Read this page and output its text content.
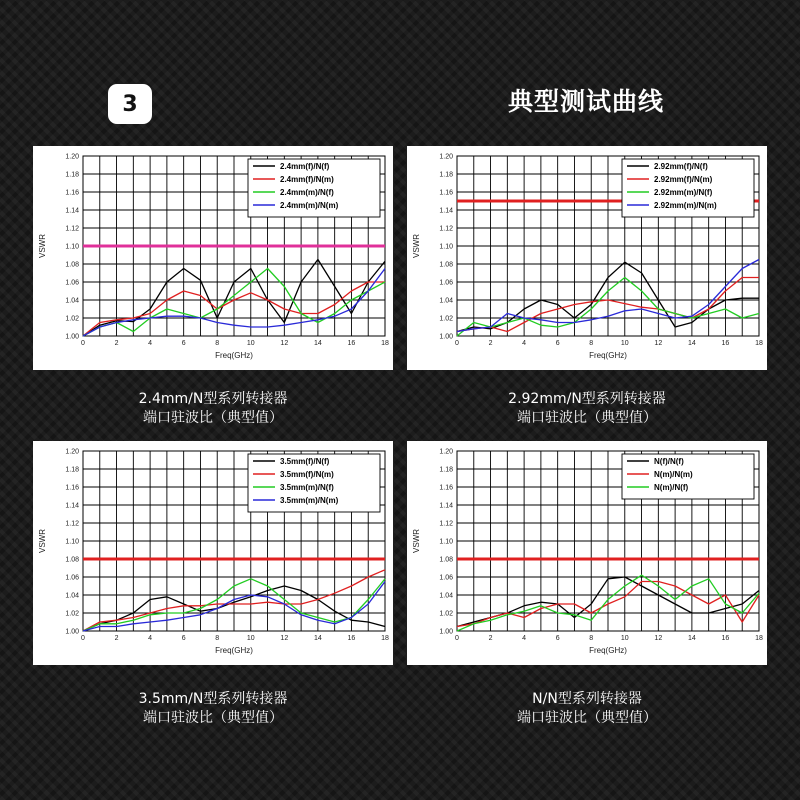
3	典型测试曲线
1.00
1.02
1.04
1.06
1.08
1.10
1.12
1.14
1.16
1.18
1.20
0	2	4	6	8	10	12	14	16	18
Freq(GHz)
VSWR
2.4mm(f)/N(f)
2.4mm(f)/N(m)
2.4mm(m)/N(f)
2.4mm(m)/N(m)
1.00
1.02
1.04
1.06
1.08
1.10
1.12
1.14
1.16
1.18
1.20
0	2	4	6	8	10	12	14	16	18
Freq(GHz)
VSWR
2.92mm(f)/N(f)
2.92mm(f)/N(m)
2.92mm(m)/N(f)
2.92mm(m)/N(m)
1.00
1.02
1.04
1.06
1.08
1.10
1.12
1.14
1.16
1.18
1.20
0	2	4	6	8	10	12	14	16	18
Freq(GHz)
VSWR
3.5mm(f)/N(f)
3.5mm(f)/N(m)
3.5mm(m)/N(f)
3.5mm(m)/N(m)
1.00
1.02
1.04
1.06
1.08
1.10
1.12
1.14
1.16
1.18
1.20
0	2	4	6	8	10	12	14	16	18
Freq(GHz)
VSWR
N(f)/N(f)
N(m)/N(m)
N(m)/N(f)
2.4mm/N型系列转接器
端口驻波比（典型值）
2.92mm/N型系列转接器
端口驻波比（典型值）
3.5mm/N型系列转接器
端口驻波比（典型值）
N/N型系列转接器
端口驻波比（典型值）
